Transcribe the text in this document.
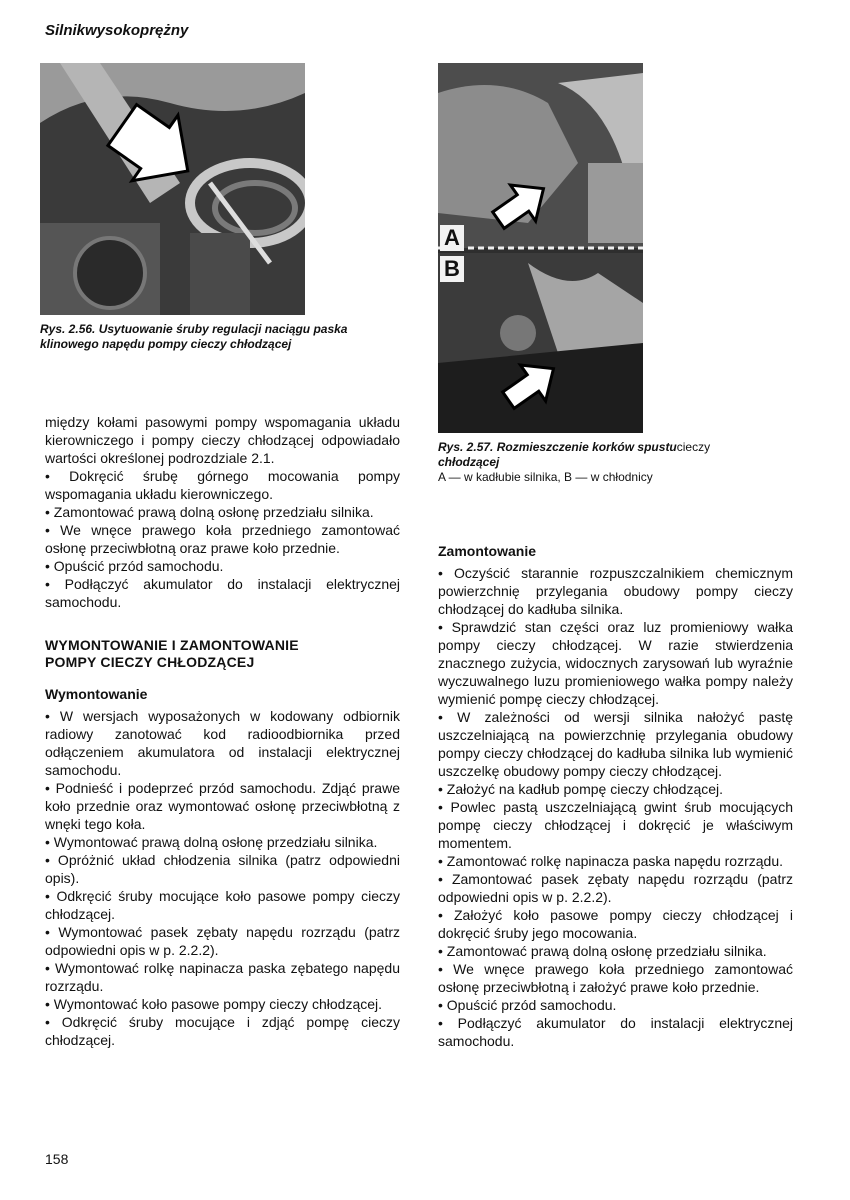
Silnikwysokoprężny
Rys. 2.56. Usytuowanie śruby regulacji naciągu paska klinowego napędu pompy cieczy chłodzącej
A
B
Rys. 2.57. Rozmieszczenie korków spustucieczy
chłodzącej
A — w kadłubie silnika, B — w chłodnicy

między kołami pasowymi pompy wspomagania układu kierowniczego i pompy cieczy chłodzącej odpowiadało wartości określonej podrozdziale 2.1.

• Dokręcić śrubę górnego mocowania pompy wspomagania układu kierowniczego.

• Zamontować prawą dolną osłonę przedziału silnika.

• We wnęce prawego koła przedniego zamontować osłonę przeciwbłotną oraz prawe koło przednie.

• Opuścić przód samochodu.

• Podłączyć akumulator do instalacji elektrycznej samochodu.

WYMONTOWANIE I ZAMONTOWANIE

POMPY CIECZY CHŁODZĄCEJ

Wymontowanie

• W wersjach wyposażonych w kodowany odbiornik radiowy zanotować kod radioodbiornika przed odłączeniem akumulatora od instalacji elektrycznej samochodu.

• Podnieść i podeprzeć przód samochodu. Zdjąć prawe koło przednie oraz wymontować osłonę przeciwbłotną z wnęki tego koła.

• Wymontować prawą dolną osłonę przedziału silnika.

• Opróżnić układ chłodzenia silnika (patrz odpowiedni opis).

• Odkręcić śruby mocujące koło pasowe pompy cieczy chłodzącej.

• Wymontować pasek zębaty napędu rozrządu (patrz odpowiedni opis w p. 2.2.2).

• Wymontować rolkę napinacza paska zębatego napędu rozrządu.

• Wymontować koło pasowe pompy cieczy chłodzącej.

• Odkręcić śruby mocujące i zdjąć pompę cieczy chłodzącej.

Zamontowanie

• Oczyścić starannie rozpuszczalnikiem chemicznym powierzchnię przylegania obudowy pompy cieczy chłodzącej do kadłuba silnika.

• Sprawdzić stan części oraz luz promieniowy wałka pompy cieczy chłodzącej. W razie stwierdzenia znacznego zużycia, widocznych zarysowań lub wyraźnie wyczuwalnego luzu promieniowego wałka pompy należy wymienić pompę cieczy chłodzącej.

• W zależności od wersji silnika nałożyć pastę uszczelniającą na powierzchnię przylegania obudowy pompy cieczy chłodzącej do kadłuba silnika lub wymienić uszczelkę obudowy pompy cieczy chłodzącej.

• Założyć na kadłub pompę cieczy chłodzącej.

• Powlec pastą uszczelniającą gwint śrub mocujących pompę cieczy chłodzącej i dokręcić je właściwym momentem.

• Zamontować rolkę napinacza paska napędu rozrządu.

• Zamontować pasek zębaty napędu rozrządu (patrz odpowiedni opis w p. 2.2.2).

• Założyć koło pasowe pompy cieczy chłodzącej i dokręcić śruby jego mocowania.

• Zamontować prawą dolną osłonę przedziału silnika.

• We wnęce prawego koła przedniego zamontować osłonę przeciwbłotną i założyć prawe koło przednie.

• Opuścić przód samochodu.

• Podłączyć akumulator do instalacji elektrycznej samochodu.

158
